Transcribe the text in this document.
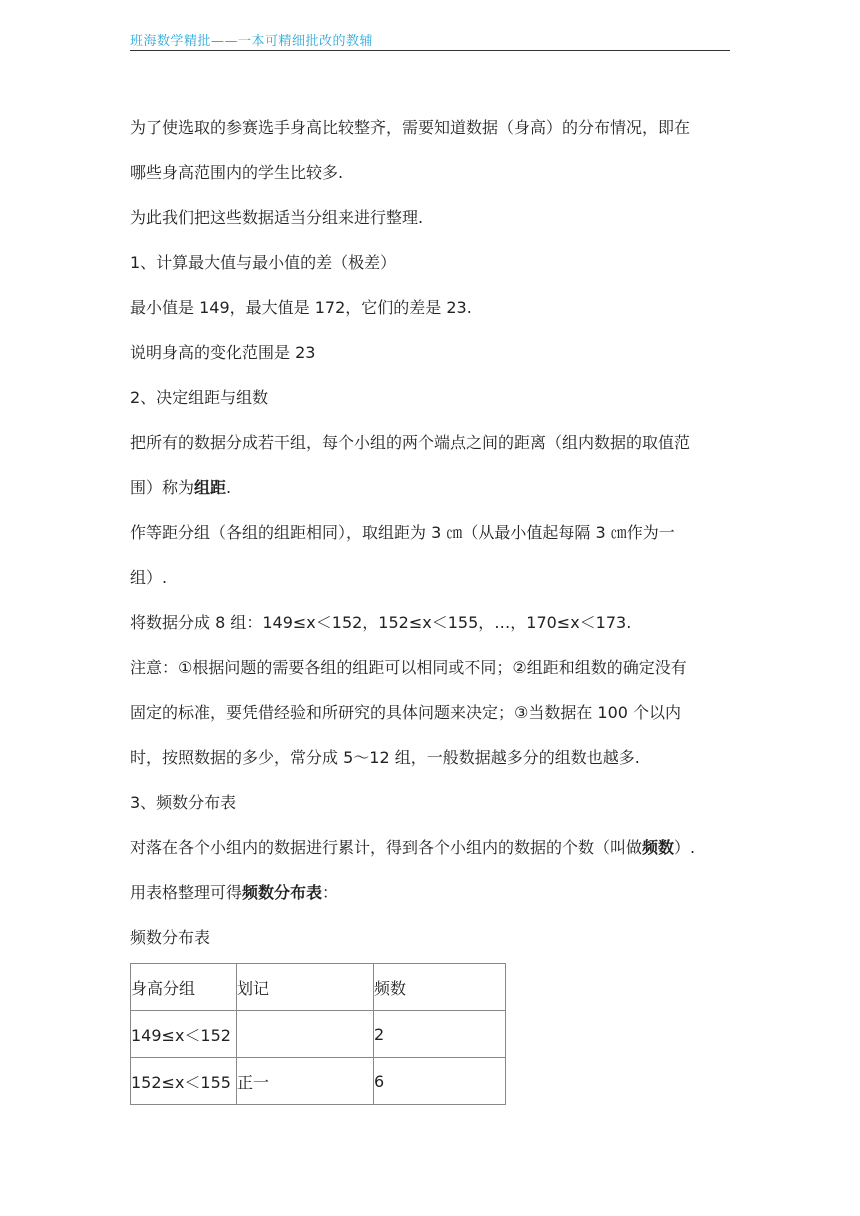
班海数学精批——一本可精细批改的教辅
为了使选取的参赛选手身高比较整齐，需要知道数据（身高）的分布情况，即在
哪些身高范围内的学生比较多.
为此我们把这些数据适当分组来进行整理.
1、计算最大值与最小值的差（极差）
最小值是 149，最大值是 172，它们的差是 23.
说明身高的变化范围是 23
2、决定组距与组数
把所有的数据分成若干组，每个小组的两个端点之间的距离（组内数据的取值范
围）称为组距.
作等距分组（各组的组距相同），取组距为 3 ㎝（从最小值起每隔 3 ㎝作为一
组）.
将数据分成 8 组：149≤x＜152，152≤x＜155，…，170≤x＜173.
注意：①根据问题的需要各组的组距可以相同或不同；②组距和组数的确定没有
固定的标准，要凭借经验和所研究的具体问题来决定；③当数据在 100 个以内
时，按照数据的多少，常分成 5～12 组，一般数据越多分的组数也越多.
3、频数分布表
对落在各个小组内的数据进行累计，得到各个小组内的数据的个数（叫做频数）.
用表格整理可得频数分布表：
频数分布表
身高分组	划记	频数
149≤x＜152		2
152≤x＜155	正一	6
